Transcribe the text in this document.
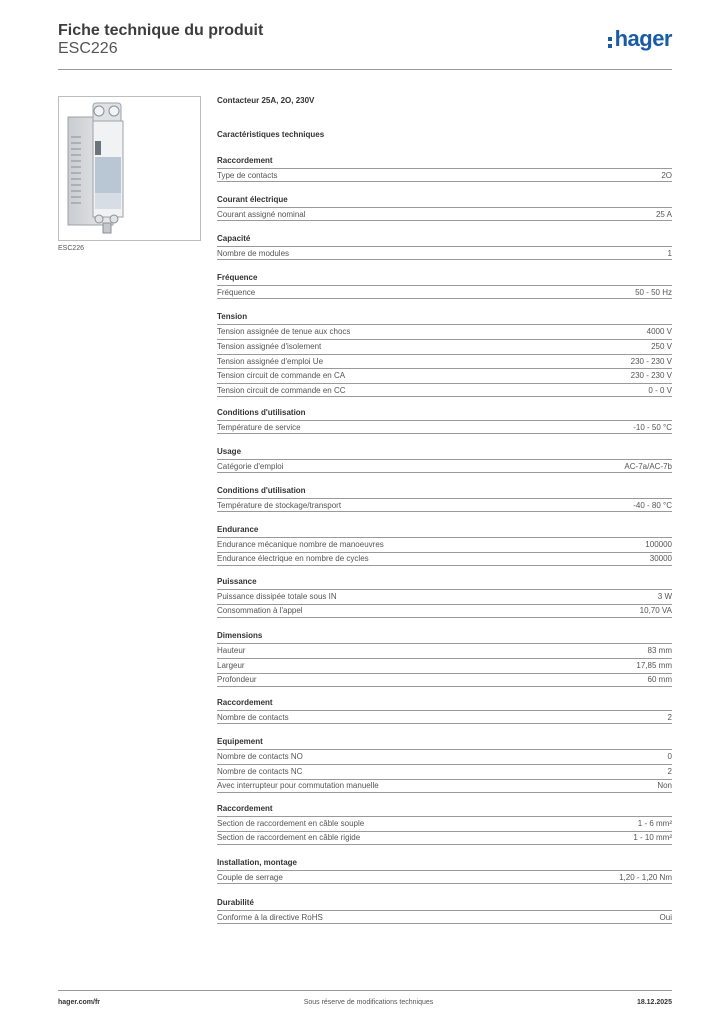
Fiche technique du produit
ESC226	hager
ESC226
Contacteur 25A, 2O, 230V
Caractéristiques techniques
Raccordement
Type de contacts	2O
Courant électrique
Courant assigné nominal	25 A
Capacité
Nombre de modules	1
Fréquence
Fréquence	50 - 50 Hz
Tension
Tension assignée de tenue aux chocs	4000 V
Tension assignée d'isolement	250 V
Tension assignée d'emploi Ue	230 - 230 V
Tension circuit de commande en CA	230 - 230 V
Tension circuit de commande en CC	0 - 0 V
Conditions d'utilisation
Température de service	-10 - 50 °C
Usage
Catégorie d'emploi	AC-7a/AC-7b
Conditions d'utilisation
Température de stockage/transport	-40 - 80 °C
Endurance
Endurance mécanique nombre de manoeuvres	100000
Endurance électrique en nombre de cycles	30000
Puissance
Puissance dissipée totale sous IN	3 W
Consommation à l'appel	10,70 VA
Dimensions
Hauteur	83 mm
Largeur	17,85 mm
Profondeur	60 mm
Raccordement
Nombre de contacts	2
Equipement
Nombre de contacts NO	0
Nombre de contacts NC	2
Avec interrupteur pour commutation manuelle	Non
Raccordement
Section de raccordement en câble souple	1 - 6 mm²
Section de raccordement en câble rigide	1 - 10 mm²
Installation, montage
Couple de serrage	1,20 - 1,20 Nm
Durabilité
Conforme à la directive RoHS	Oui
hager.com/fr	Sous réserve de modifications techniques	18.12.2025
